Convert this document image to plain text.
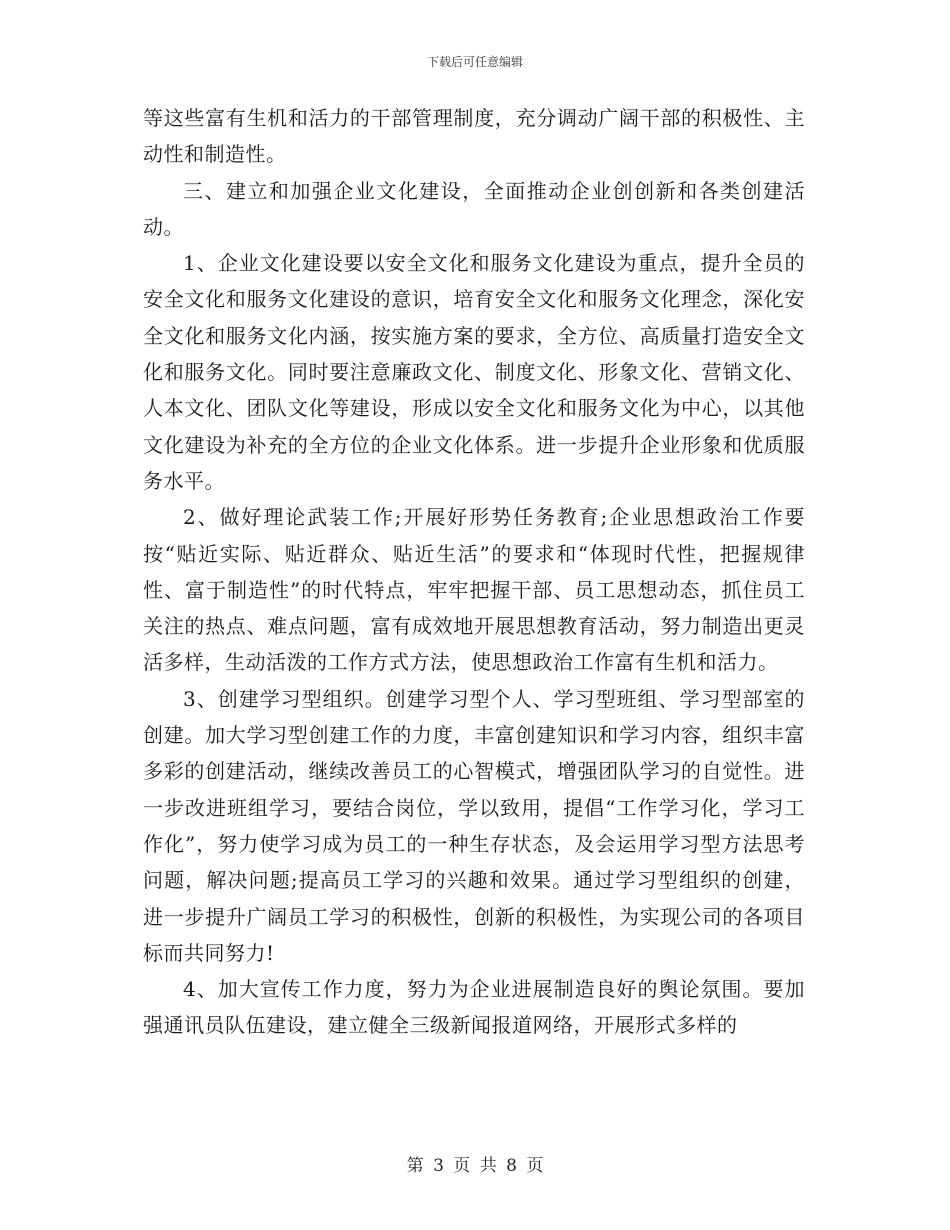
下载后可任意编辑

等这些富有生机和活力的干部管理制度，充分调动广阔干部的积极性、主动性和制造性。

三、建立和加强企业文化建设，全面推动企业创创新和各类创建活动。

1、企业文化建设要以安全文化和服务文化建设为重点，提升全员的安全文化和服务文化建设的意识，培育安全文化和服务文化理念，深化安全文化和服务文化内涵，按实施方案的要求，全方位、高质量打造安全文化和服务文化。同时要注意廉政文化、制度文化、形象文化、营销文化、人本文化、团队文化等建设，形成以安全文化和服务文化为中心，以其他文化建设为补充的全方位的企业文化体系。进一步提升企业形象和优质服务水平。

2、做好理论武装工作;开展好形势任务教育;企业思想政治工作要按“贴近实际、贴近群众、贴近生活”的要求和“体现时代性，把握规律性、富于制造性”的时代特点，牢牢把握干部、员工思想动态，抓住员工关注的热点、难点问题，富有成效地开展思想教育活动，努力制造出更灵活多样，生动活泼的工作方式方法，使思想政治工作富有生机和活力。

3、创建学习型组织。创建学习型个人、学习型班组、学习型部室的创建。加大学习型创建工作的力度，丰富创建知识和学习内容，组织丰富多彩的创建活动，继续改善员工的心智模式，增强团队学习的自觉性。进一步改进班组学习，要结合岗位，学以致用，提倡“工作学习化，学习工作化”，努力使学习成为员工的一种生存状态，及会运用学习型方法思考问题，解决问题;提高员工学习的兴趣和效果。通过学习型组织的创建，进一步提升广阔员工学习的积极性，创新的积极性，为实现公司的各项目标而共同努力!

4、加大宣传工作力度，努力为企业进展制造良好的舆论氛围。要加强通讯员队伍建设，建立健全三级新闻报道网络，开展形式多样的

第 3 页 共 8 页
